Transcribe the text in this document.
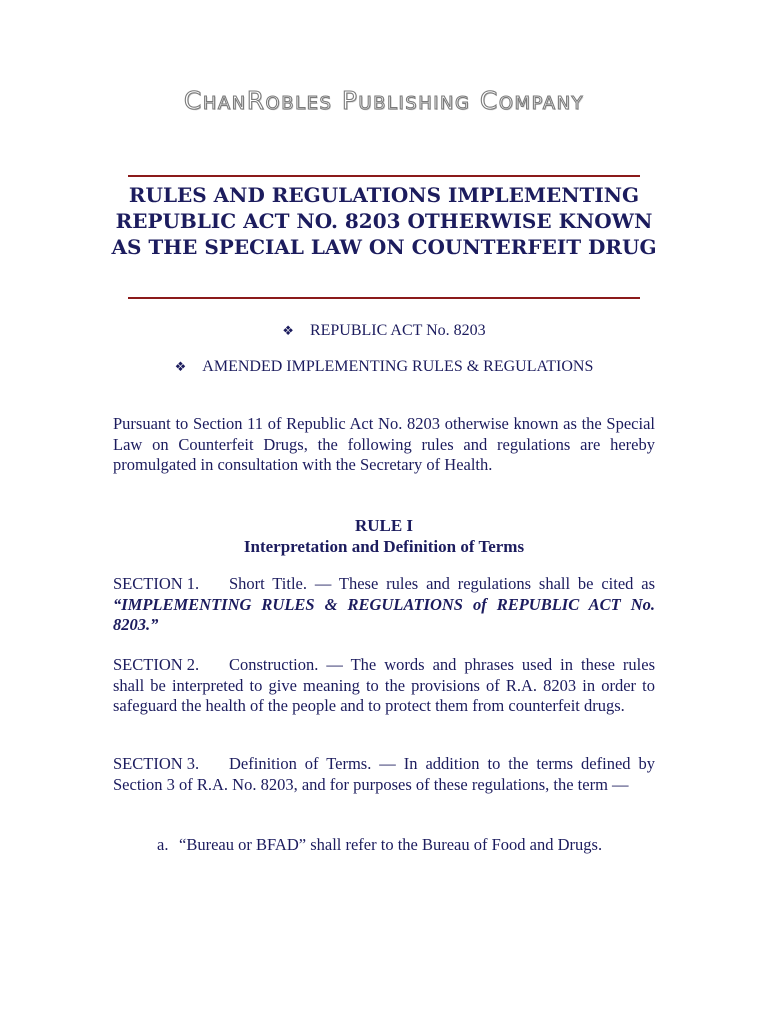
ChanRobles Publishing Company
RULES AND REGULATIONS IMPLEMENTING REPUBLIC ACT NO. 8203 OTHERWISE KNOWN AS THE SPECIAL LAW ON COUNTERFEIT DRUG
❖ REPUBLIC ACT No. 8203
❖ AMENDED IMPLEMENTING RULES & REGULATIONS

Pursuant to Section 11 of Republic Act No. 8203 otherwise known as the Special Law on Counterfeit Drugs, the following rules and regulations are hereby promulgated in consultation with the Secretary of Health.

RULE I
Interpretation and Definition of Terms

SECTION 1. Short Title. — These rules and regulations shall be cited as “IMPLEMENTING RULES & REGULATIONS of REPUBLIC ACT No. 8203.”

SECTION 2. Construction. — The words and phrases used in these rules shall be interpreted to give meaning to the provisions of R.A. 8203 in order to safeguard the health of the people and to protect them from counterfeit drugs.

SECTION 3. Definition of Terms. — In addition to the terms defined by Section 3 of R.A. No. 8203, and for purposes of these regulations, the term —

a. “Bureau or BFAD” shall refer to the Bureau of Food and Drugs.
